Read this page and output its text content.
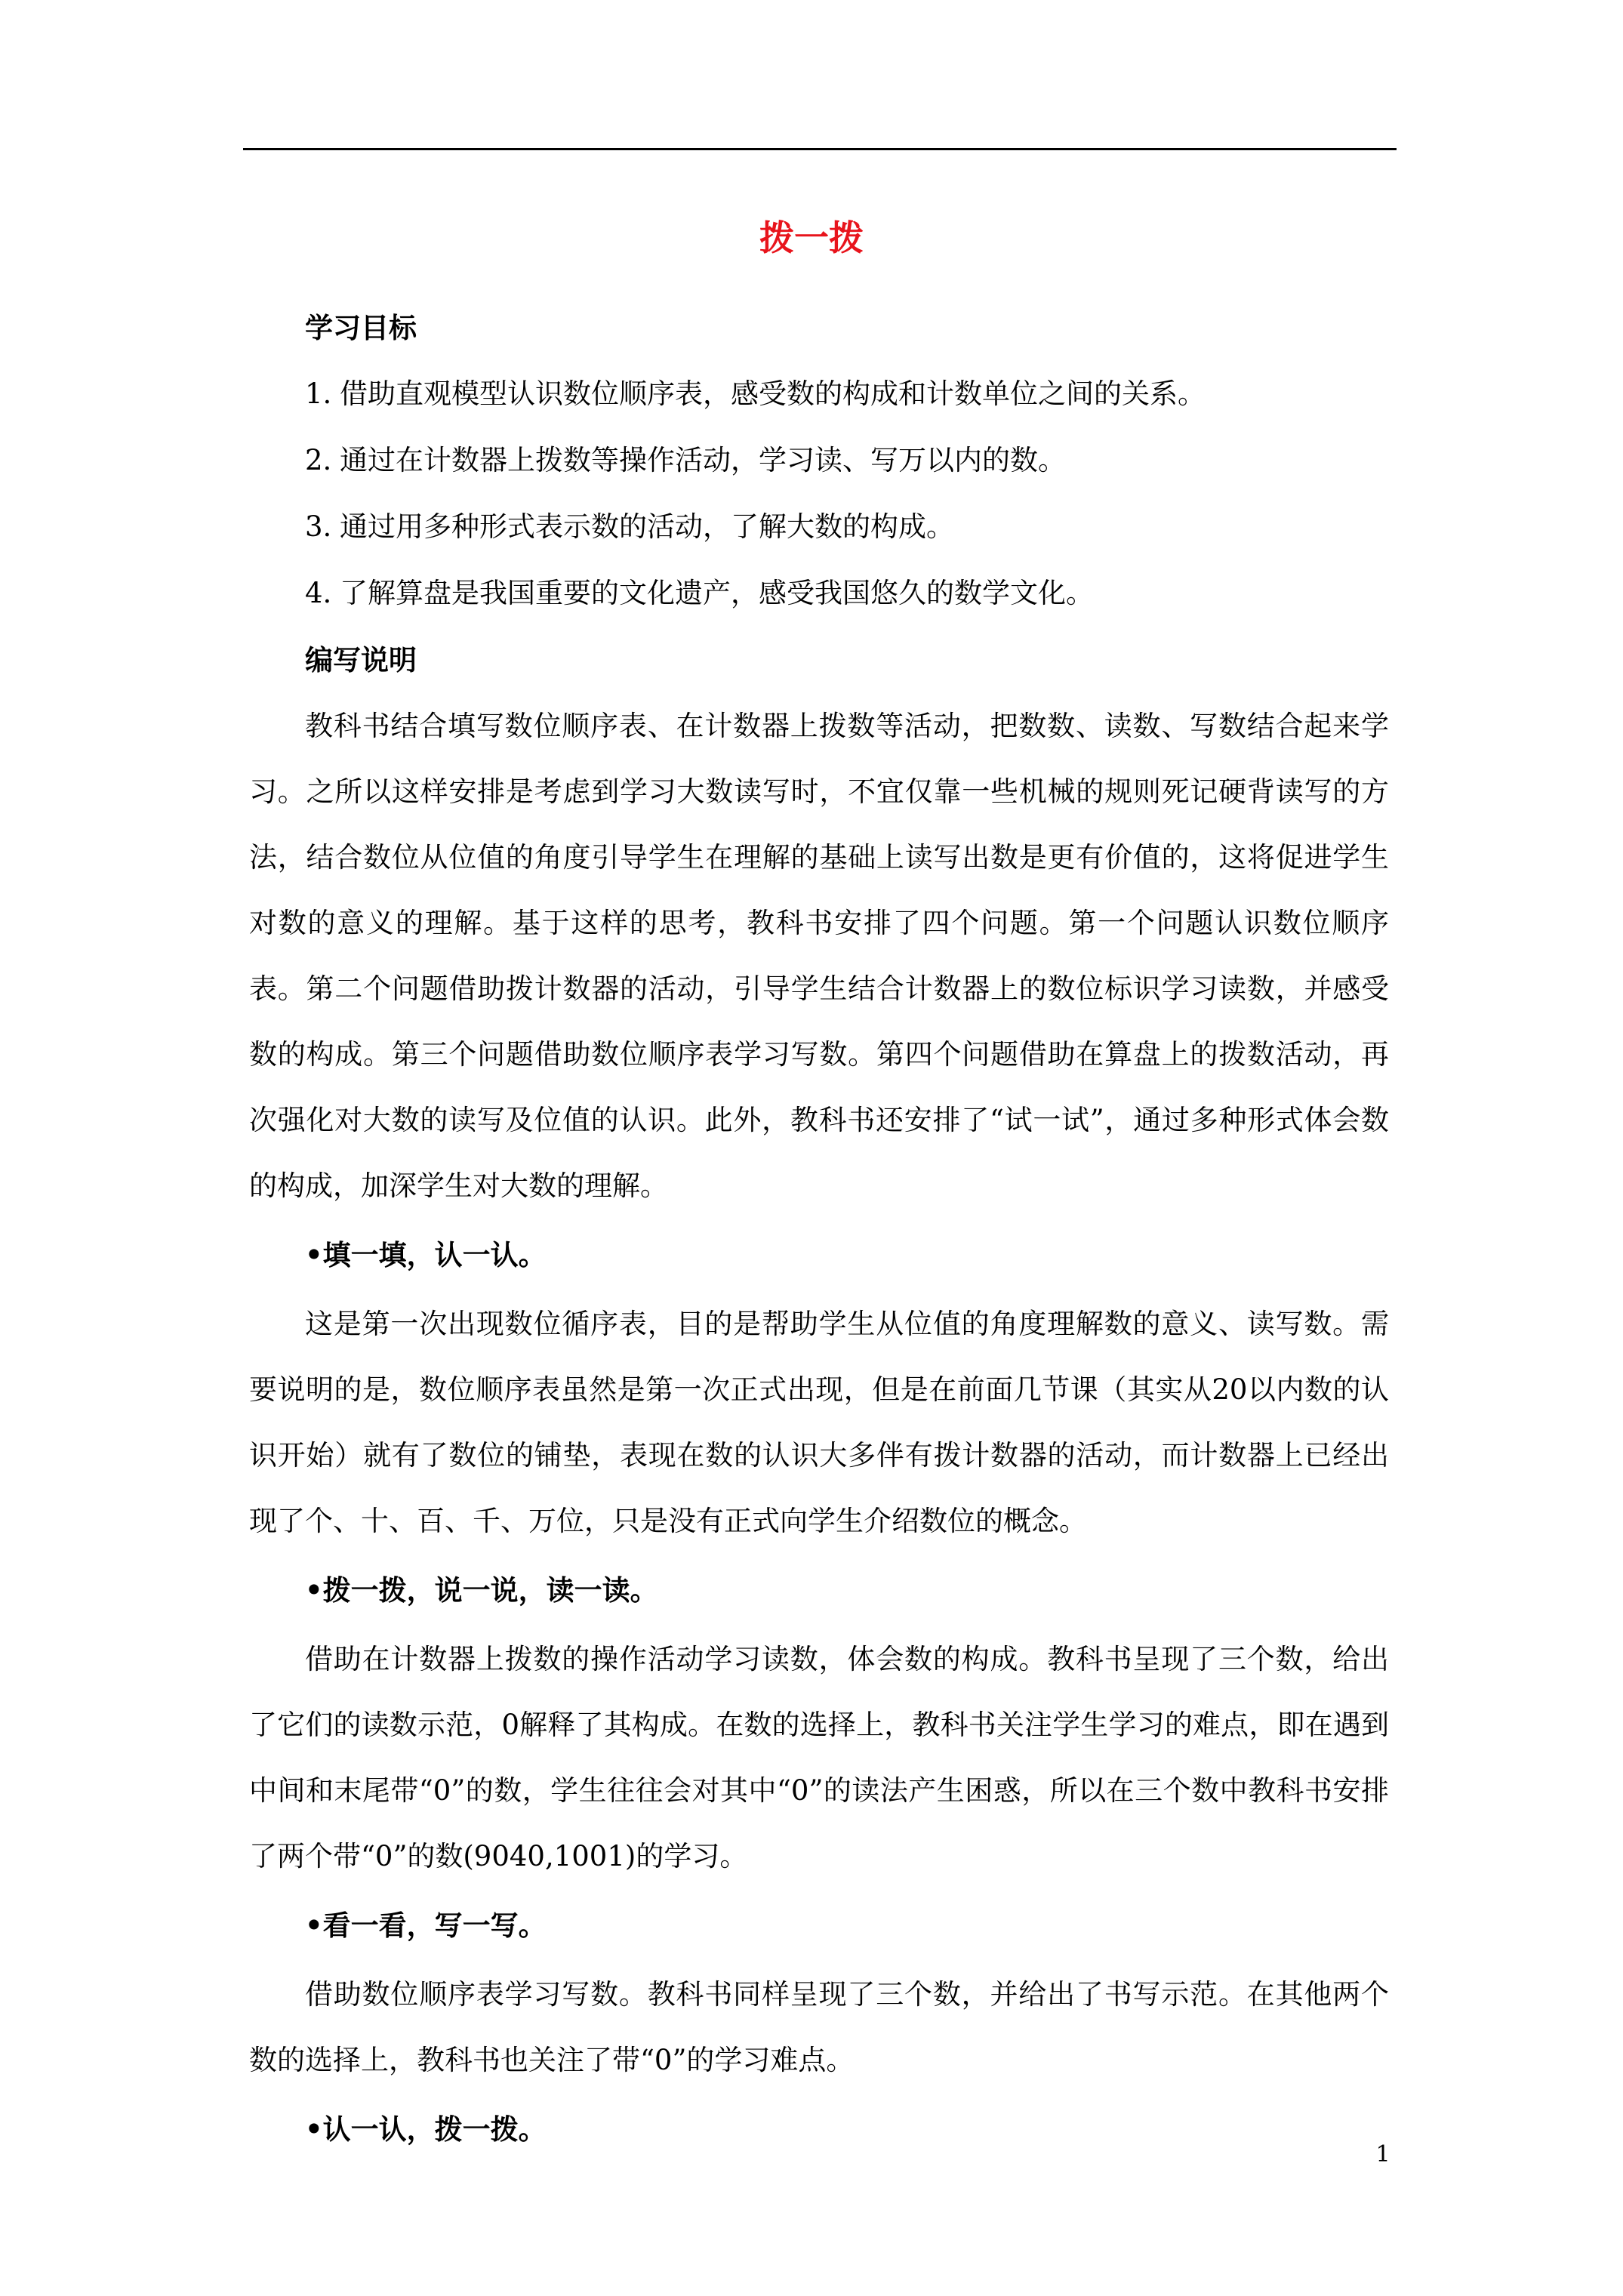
拨一拨
学习目标
1. 借助直观模型认识数位顺序表，感受数的构成和计数单位之间的关系。
2. 通过在计数器上拨数等操作活动，学习读、写万以内的数。
3. 通过用多种形式表示数的活动，了解大数的构成。
4. 了解算盘是我国重要的文化遗产，感受我国悠久的数学文化。
编写说明

教科书结合填写数位顺序表、在计数器上拨数等活动，把数数、读数、写数结合起来学习。之所以这样安排是考虑到学习大数读写时，不宜仅靠一些机械的规则死记硬背读写的方法，结合数位从位值的角度引导学生在理解的基础上读写出数是更有价值的，这将促进学生对数的意义的理解。基于这样的思考，教科书安排了四个问题。第一个问题认识数位顺序表。第二个问题借助拨计数器的活动，引导学生结合计数器上的数位标识学习读数，并感受数的构成。第三个问题借助数位顺序表学习写数。第四个问题借助在算盘上的拨数活动，再次强化对大数的读写及位值的认识。此外，教科书还安排了“试一试”，通过多种形式体会数的构成，加深学生对大数的理解。

•填一填，认一认。

这是第一次出现数位循序表，目的是帮助学生从位值的角度理解数的意义、读写数。需要说明的是，数位顺序表虽然是第一次正式出现，但是在前面几节课（其实从20以内数的认识开始）就有了数位的铺垫，表现在数的认识大多伴有拨计数器的活动，而计数器上已经出现了个、十、百、千、万位，只是没有正式向学生介绍数位的概念。

•拨一拨，说一说，读一读。

借助在计数器上拨数的操作活动学习读数，体会数的构成。教科书呈现了三个数，给出了它们的读数示范，0解释了其构成。在数的选择上，教科书关注学生学习的难点，即在遇到中间和末尾带“0”的数，学生往往会对其中“0”的读法产生困惑，所以在三个数中教科书安排了两个带“0”的数(9040,1001)的学习。

•看一看，写一写。

借助数位顺序表学习写数。教科书同样呈现了三个数，并给出了书写示范。在其他两个数的选择上，教科书也关注了带“0”的学习难点。

•认一认，拨一拨。
1
